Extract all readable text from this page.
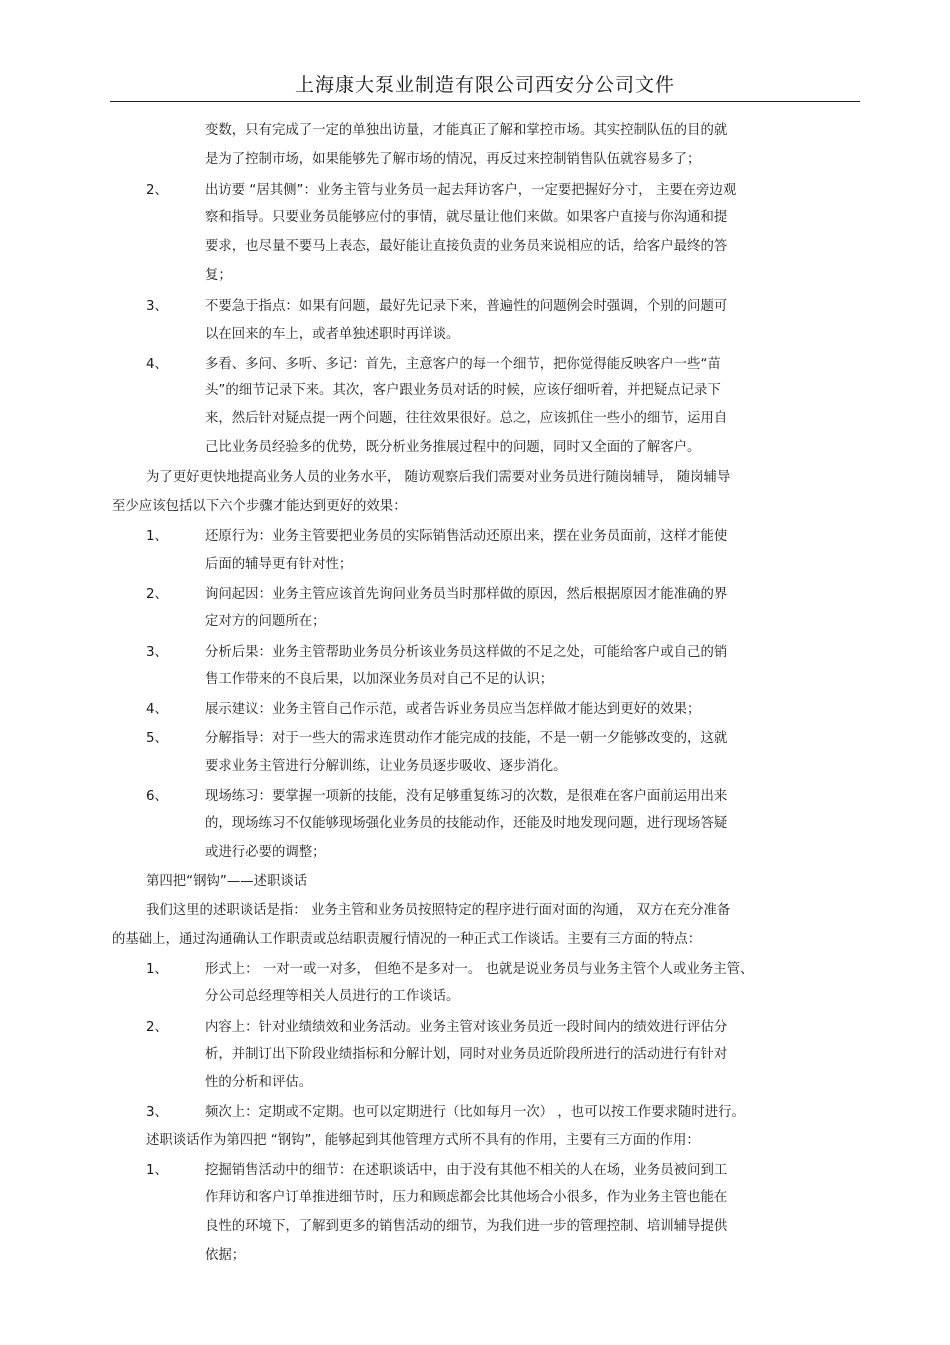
上海康大泵业制造有限公司西安分公司文件
变数，只有完成了一定的单独出访量，才能真正了解和掌控市场。其实控制队伍的目的就
是为了控制市场，如果能够先了解市场的情况，再反过来控制销售队伍就容易多了；
2、	出访要 “居其侧”：业务主管与业务员一起去拜访客户，一定要把握好分寸， 主要在旁边观
察和指导。只要业务员能够应付的事情，就尽量让他们来做。如果客户直接与你沟通和提
要求，也尽量不要马上表态，最好能让直接负责的业务员来说相应的话，给客户最终的答
复；
3、	不要急于指点：如果有问题，最好先记录下来，普遍性的问题例会时强调，个别的问题可
以在回来的车上，或者单独述职时再详谈。
4、	多看、多问、多听、多记：首先，主意客户的每一个细节，把你觉得能反映客户一些“苗
头”的细节记录下来。其次，客户跟业务员对话的时候，应该仔细听着，并把疑点记录下
来，然后针对疑点提一两个问题，往往效果很好。总之，应该抓住一些小的细节，运用自
己比业务员经验多的优势，既分析业务推展过程中的问题，同时又全面的了解客户。
为了更好更快地提高业务人员的业务水平， 随访观察后我们需要对业务员进行随岗辅导， 随岗辅导
至少应该包括以下六个步骤才能达到更好的效果：
1、	还原行为：业务主管要把业务员的实际销售活动还原出来，摆在业务员面前，这样才能使
后面的辅导更有针对性；
2、	询问起因：业务主管应该首先询问业务员当时那样做的原因，然后根据原因才能准确的界
定对方的问题所在；
3、	分析后果：业务主管帮助业务员分析该业务员这样做的不足之处，可能给客户或自己的销
售工作带来的不良后果，以加深业务员对自己不足的认识；
4、	展示建议：业务主管自己作示范，或者告诉业务员应当怎样做才能达到更好的效果；
5、	分解指导：对于一些大的需求连贯动作才能完成的技能，不是一朝一夕能够改变的，这就
要求业务主管进行分解训练，让业务员逐步吸收、逐步消化。
6、	现场练习：要掌握一项新的技能，没有足够重复练习的次数，是很难在客户面前运用出来
的，现场练习不仅能够现场强化业务员的技能动作，还能及时地发现问题，进行现场答疑
或进行必要的调整；
第四把“钢钩”——述职谈话
我们这里的述职谈话是指： 业务主管和业务员按照特定的程序进行面对面的沟通， 双方在充分准备
的基础上，通过沟通确认工作职责或总结职责履行情况的一种正式工作谈话。主要有三方面的特点：
1、	形式上： 一对一或一对多， 但绝不是多对一。 也就是说业务员与业务主管个人或业务主管、
分公司总经理等相关人员进行的工作谈话。
2、	内容上：针对业绩绩效和业务活动。业务主管对该业务员近一段时间内的绩效进行评估分
析，并制订出下阶段业绩指标和分解计划，同时对业务员近阶段所进行的活动进行有针对
性的分析和评估。
3、	频次上：定期或不定期。也可以定期进行（比如每月一次） ，也可以按工作要求随时进行。
述职谈话作为第四把 “钢钩”，能够起到其他管理方式所不具有的作用，主要有三方面的作用：
1、	挖掘销售活动中的细节：在述职谈话中，由于没有其他不相关的人在场，业务员被问到工
作拜访和客户订单推进细节时，压力和顾虑都会比其他场合小很多，作为业务主管也能在
良性的环境下，了解到更多的销售活动的细节，为我们进一步的管理控制、培训辅导提供
依据；
